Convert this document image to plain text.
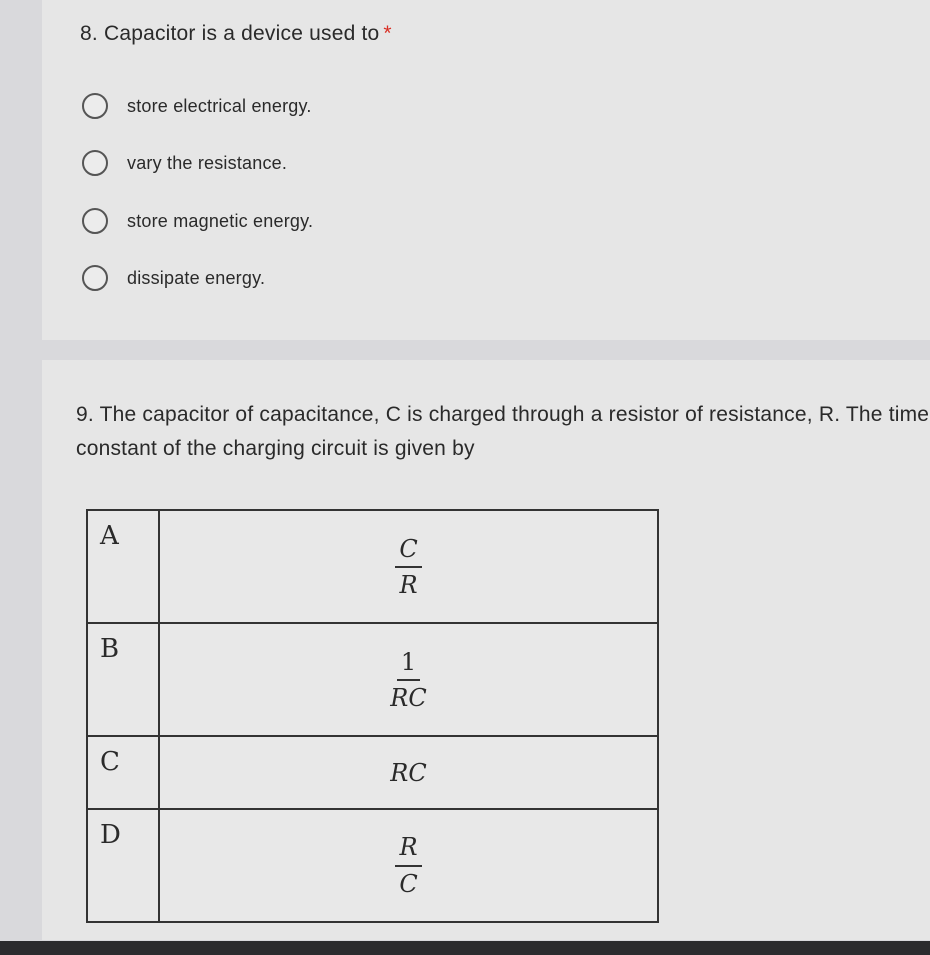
8. Capacitor is a device used to *
store electrical energy.
vary the resistance.
store magnetic energy.
dissipate energy.
9. The capacitor of capacitance, C is charged through a resistor of resistance, R. The time constant of the charging circuit is given by
A	$\frac{C}{R}$

B	$\frac{1}{RC}$

C	RC
D	$\frac{R}{C}$
